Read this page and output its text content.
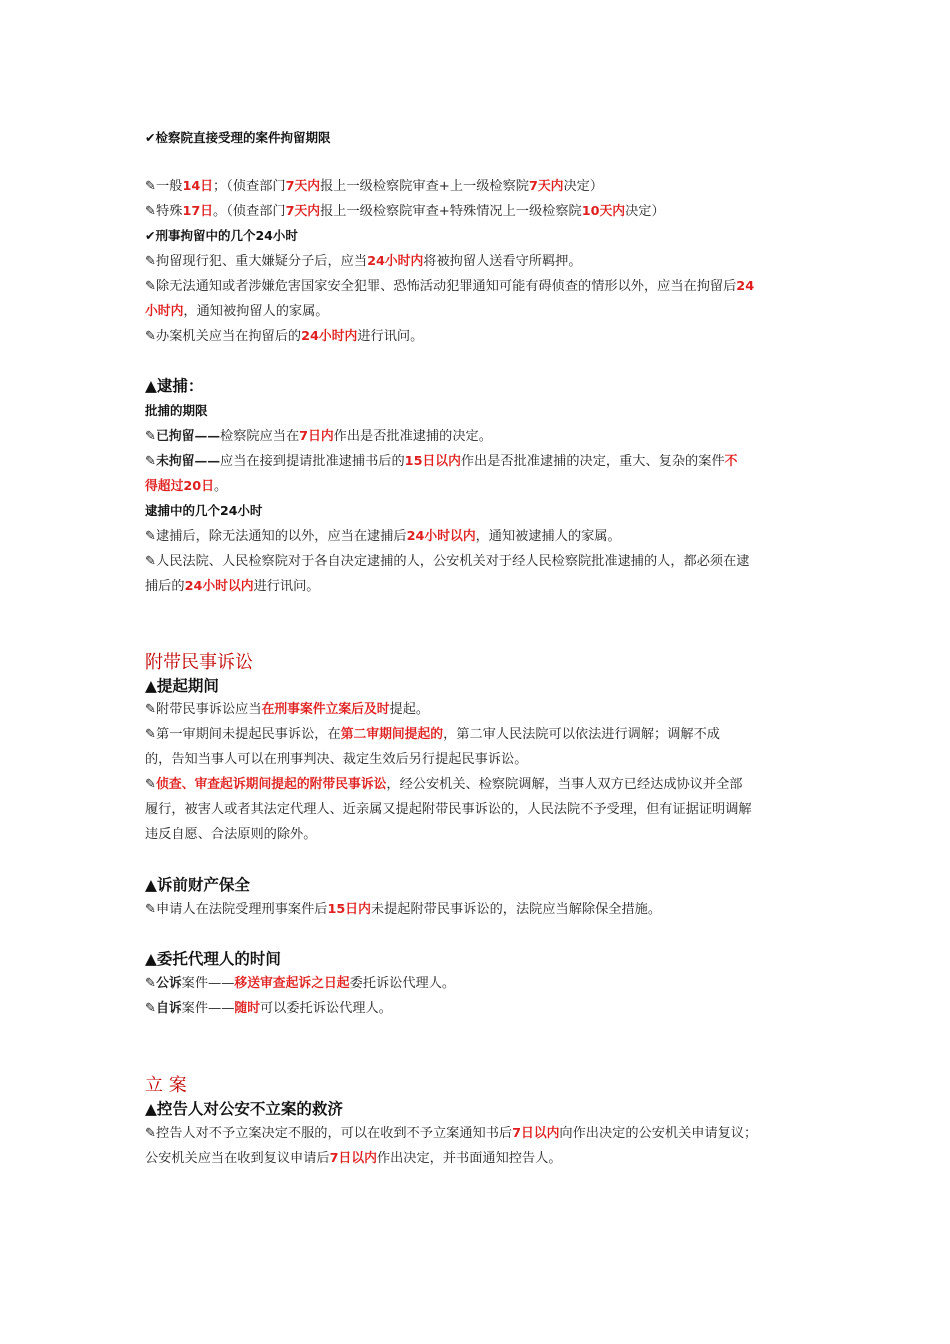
✔检察院直接受理的案件拘留期限
✎一般14日；（侦查部门7天内报上一级检察院审查+上一级检察院7天内决定）
✎特殊17日。（侦查部门7天内报上一级检察院审查+特殊情况上一级检察院10天内决定）
✔刑事拘留中的几个24小时
✎拘留现行犯、重大嫌疑分子后，应当24小时内将被拘留人送看守所羁押。
✎除无法通知或者涉嫌危害国家安全犯罪、恐怖活动犯罪通知可能有碍侦查的情形以外，应当在拘留后24
小时内，通知被拘留人的家属。
✎办案机关应当在拘留后的24小时内进行讯问。
▲逮捕：
批捕的期限
✎已拘留——检察院应当在7日内作出是否批准逮捕的决定。
✎未拘留——应当在接到提请批准逮捕书后的15日以内作出是否批准逮捕的决定，重大、复杂的案件不
得超过20日。
逮捕中的几个24小时
✎逮捕后，除无法通知的以外，应当在逮捕后24小时以内，通知被逮捕人的家属。
✎人民法院、人民检察院对于各自决定逮捕的人，公安机关对于经人民检察院批准逮捕的人，都必须在逮
捕后的24小时以内进行讯问。
附带民事诉讼
▲提起期间
✎附带民事诉讼应当在刑事案件立案后及时提起。
✎第一审期间未提起民事诉讼，在第二审期间提起的，第二审人民法院可以依法进行调解；调解不成
的，告知当事人可以在刑事判决、裁定生效后另行提起民事诉讼。
✎侦查、审查起诉期间提起的附带民事诉讼，经公安机关、检察院调解，当事人双方已经达成协议并全部
履行，被害人或者其法定代理人、近亲属又提起附带民事诉讼的，人民法院不予受理，但有证据证明调解
违反自愿、合法原则的除外。
▲诉前财产保全
✎申请人在法院受理刑事案件后15日内未提起附带民事诉讼的，法院应当解除保全措施。
▲委托代理人的时间
✎公诉案件——移送审查起诉之日起委托诉讼代理人。
✎自诉案件——随时可以委托诉讼代理人。
立 案
▲控告人对公安不立案的救济
✎控告人对不予立案决定不服的，可以在收到不予立案通知书后7日以内向作出决定的公安机关申请复议；
公安机关应当在收到复议申请后7日以内作出决定，并书面通知控告人。
